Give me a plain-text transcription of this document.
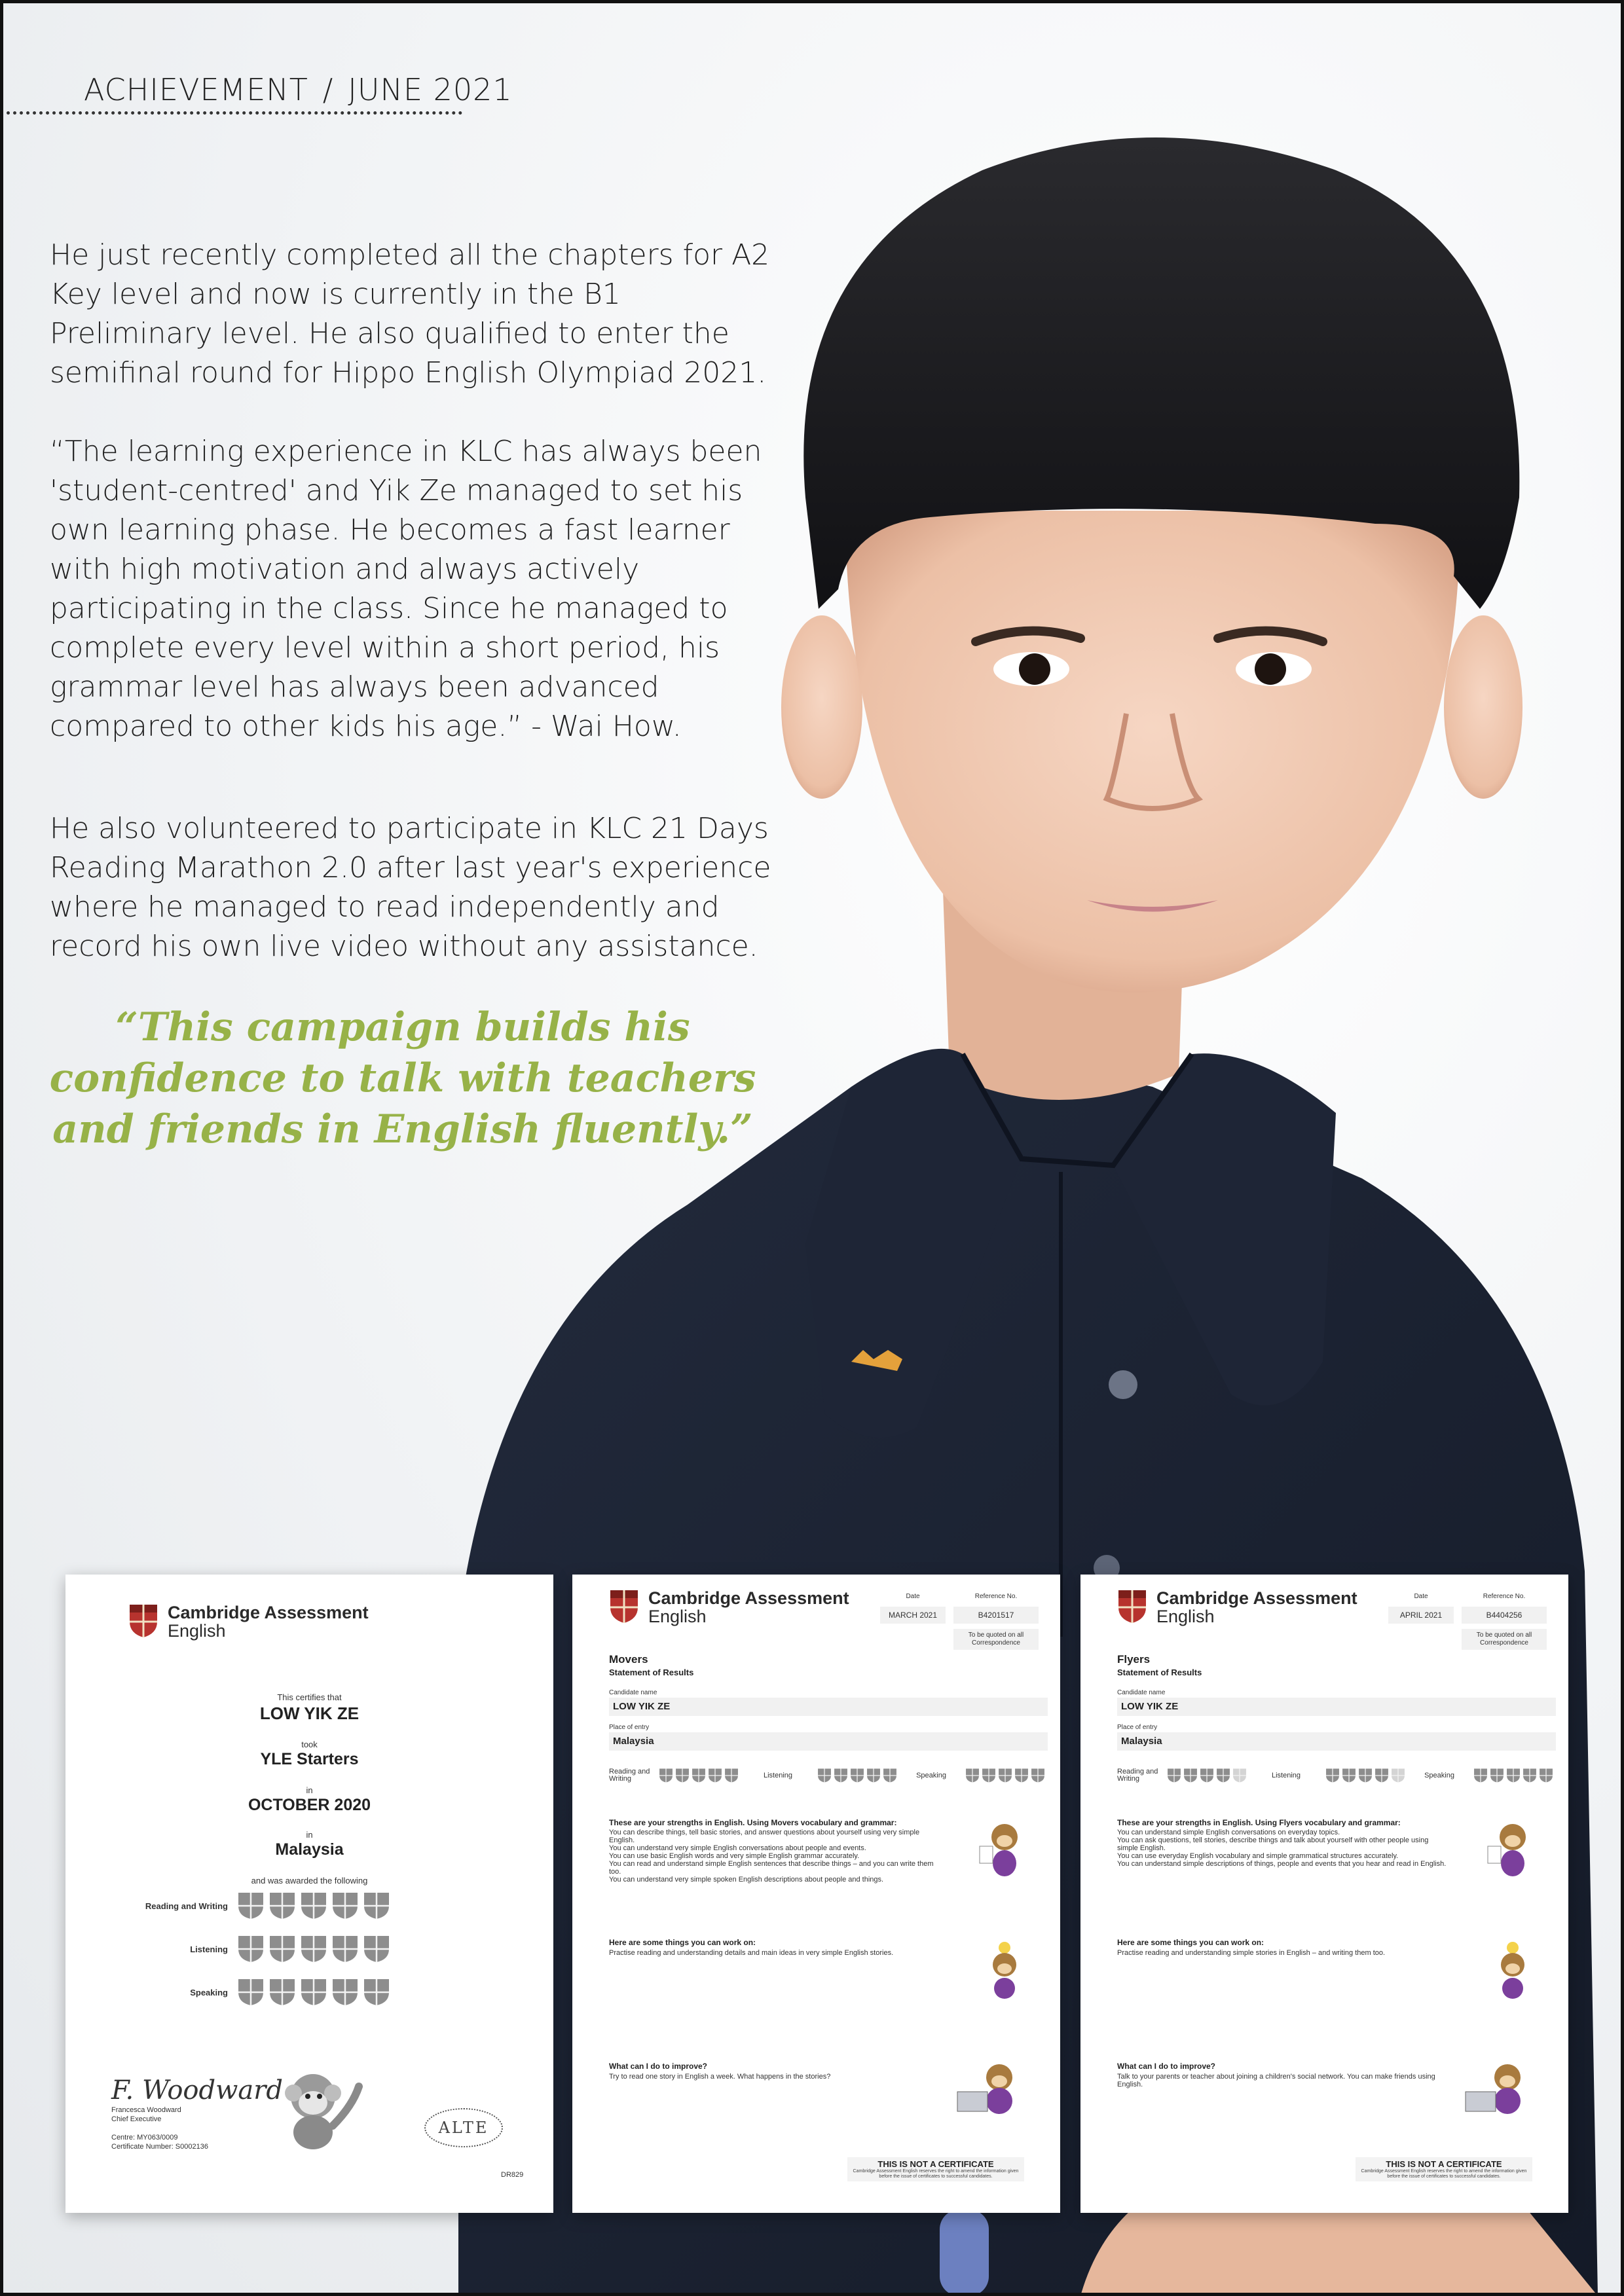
ACHIEVEMENT / JUNE 2021

He just recently completed all the chapters for A2 Key level and now is currently in the B1 Preliminary level. He also qualified to enter the semifinal round for Hippo English Olympiad 2021.

“The learning experience in KLC has always been 'student-centred' and Yik Ze managed to set his own learning phase. He becomes a fast learner with high motivation and always actively participating in the class. Since he managed to complete every level within a short period, his grammar level has always been advanced compared to other kids his age.” - Wai How.

He also volunteered to participate in KLC 21 Days Reading Marathon 2.0 after last year's experience where he managed to read independently and record his own live video without any assistance.

“This campaign builds his confidence to talk with teachers and friends in English fluently.”

Cambridge Assessment
English
This certifies that
LOW YIK ZE
took
YLE Starters
in
OCTOBER 2020
in
Malaysia
and was awarded the following
Reading and Writing
Listening
Speaking
F. Woodward
Francesca Woodward
Chief Executive
Centre: MY063/0009
Certificate Number: S0002136
ALTE
DR829
Cambridge Assessment
English
Date
MARCH 2021
Reference No.
B4201517
To be quoted on all Correspondence
Movers
Statement of Results
Candidate name
LOW YIK ZE
Place of entry
Malaysia
Reading and Writing	Listening	Speaking
These are your strengths in English. Using Movers vocabulary and grammar:
You can describe things, tell basic stories, and answer questions about yourself using very simple English.
You can understand very simple English conversations about people and events.
You can use basic English words and very simple English grammar accurately.
You can read and understand simple English sentences that describe things – and you can write them too.
You can understand very simple spoken English descriptions about people and things.
Here are some things you can work on:
Practise reading and understanding details and main ideas in very simple English stories.
What can I do to improve?
Try to read one story in English a week. What happens in the stories?
THIS IS NOT A CERTIFICATE
Cambridge Assessment English reserves the right to amend the information given before the issue of certificates to successful candidates.
Cambridge Assessment
English
Date
APRIL 2021
Reference No.
B4404256
To be quoted on all Correspondence
Flyers
Statement of Results
Candidate name
LOW YIK ZE
Place of entry
Malaysia
Reading and Writing	Listening	Speaking
These are your strengths in English. Using Flyers vocabulary and grammar:
You can understand simple English conversations on everyday topics.
You can ask questions, tell stories, describe things and talk about yourself with other people using simple English.
You can use everyday English vocabulary and simple grammatical structures accurately.
You can understand simple descriptions of things, people and events that you hear and read in English.
Here are some things you can work on:
Practise reading and understanding simple stories in English – and writing them too.
What can I do to improve?
Talk to your parents or teacher about joining a children's social network. You can make friends using English.
THIS IS NOT A CERTIFICATE
Cambridge Assessment English reserves the right to amend the information given before the issue of certificates to successful candidates.
